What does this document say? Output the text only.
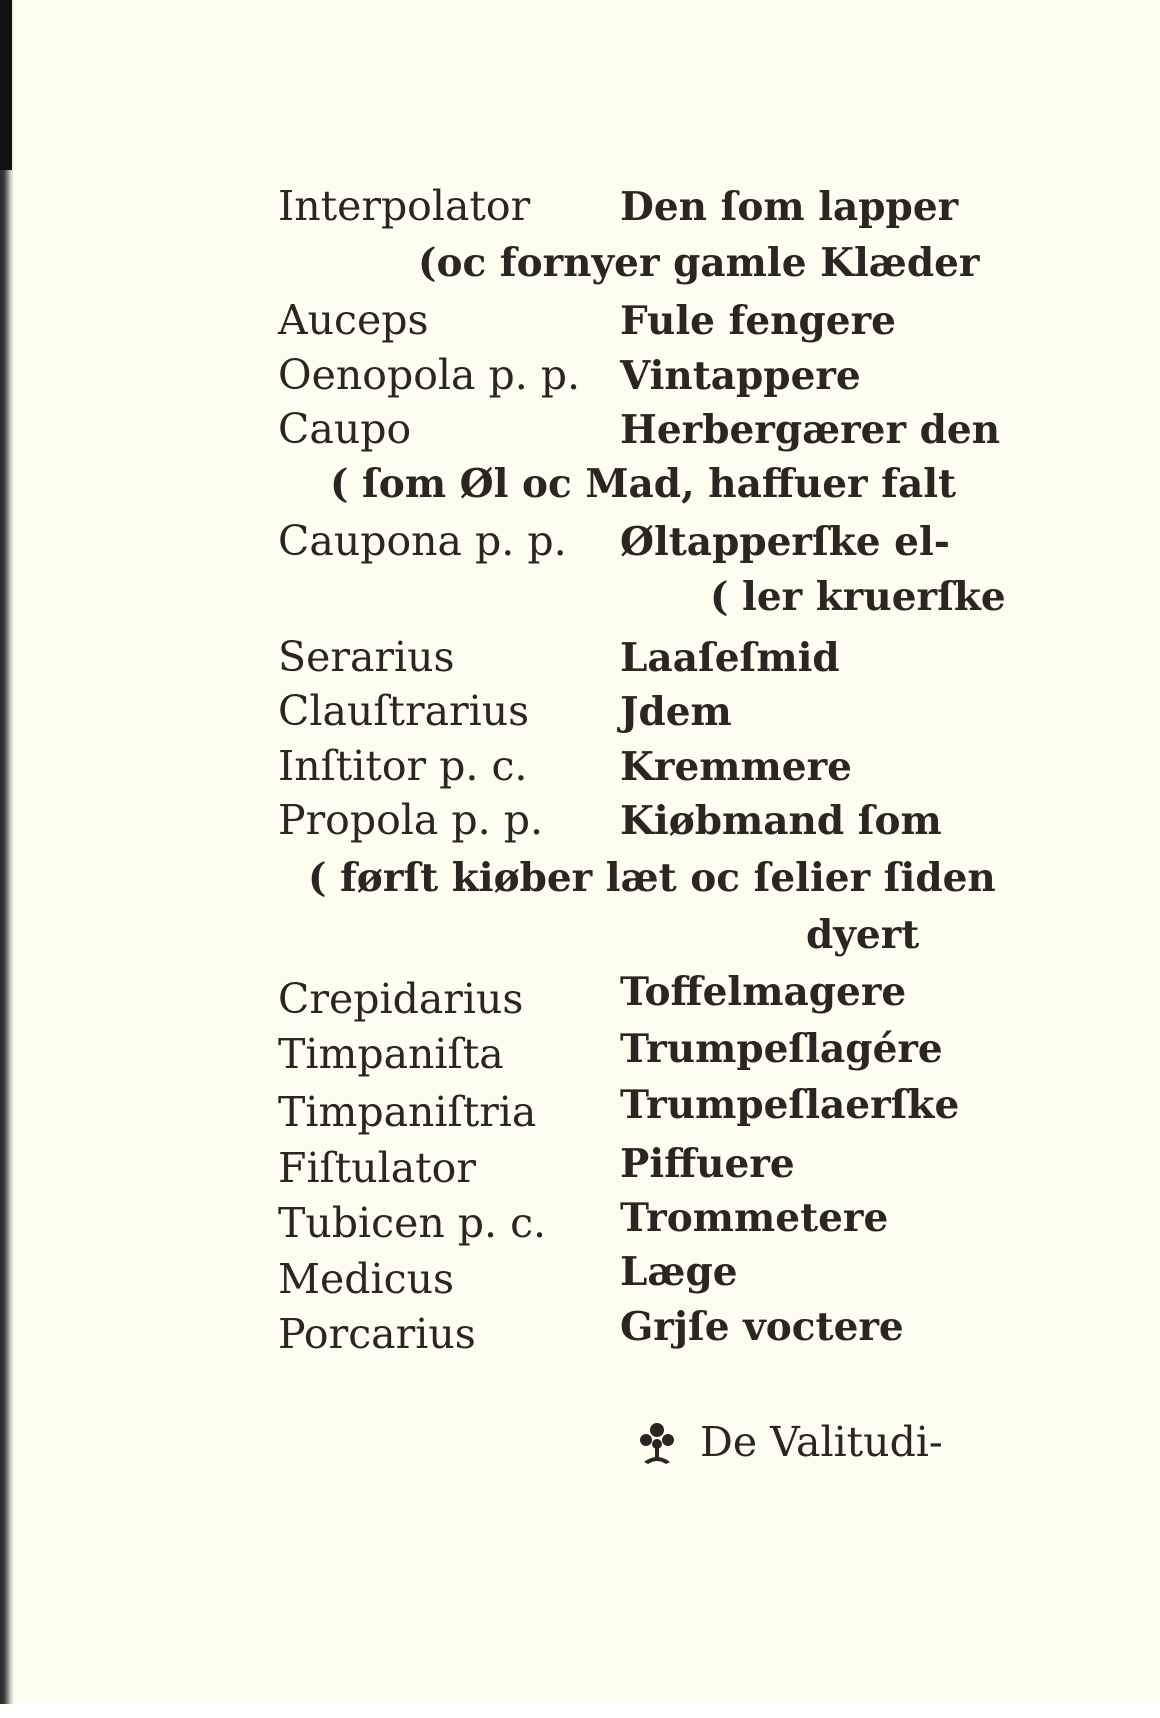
Interpolator Den ſom lapper
(oc fornyer gamle Klæder
Auceps	Fule fengere
Oenopola p. p. Vintappere
Caupo	Herbergærer den
( ſom Øl oc Mad, haffuer falt
Caupona p. p. Øltapperſke el-
( ler kruerſke
Serarius	Laaſeſmid
Clauſtrarius Jdem
Inſtitor p. c. Kremmere
Propola p. p. Kiøbmand ſom
( førſt kiøber læt oc ſelier ſiden
dyert
Crepidarius Toffelmagere
Timpaniſta	Trumpeſlagére
Timpaniſtria Trumpeſlaerſke
Fiſtulator	Piffuere
Tubicen p. c. Trommetere
Medicus	Læge
Porcarius	Grjſe voctere
De Valitudi-
